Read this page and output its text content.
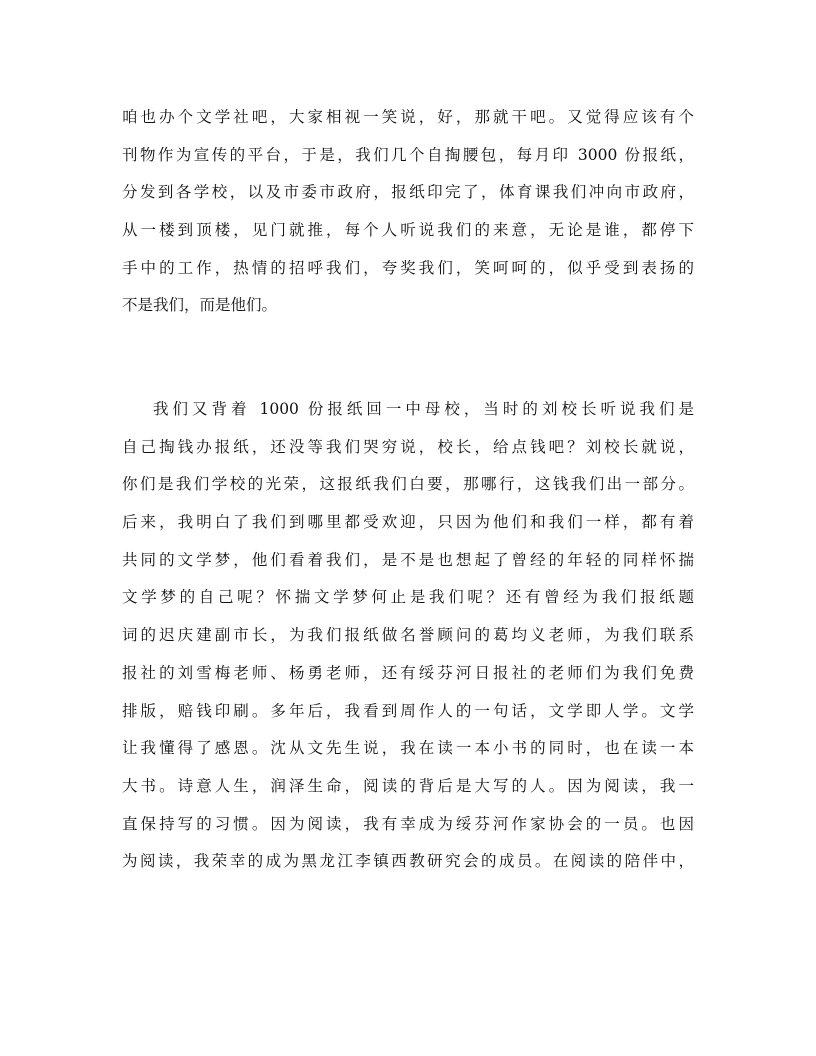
咱也办个文学社吧，大家相视一笑说，好，那就干吧。又觉得应该有个
刊物作为宣传的平台，于是，我们几个自掏腰包，每月印 3000 份报纸，
分发到各学校，以及市委市政府，报纸印完了，体育课我们冲向市政府，
从一楼到顶楼，见门就推，每个人听说我们的来意，无论是谁，都停下
手中的工作，热情的招呼我们，夸奖我们，笑呵呵的，似乎受到表扬的
不是我们，而是他们。
我们又背着 1000 份报纸回一中母校，当时的刘校长听说我们是
自己掏钱办报纸，还没等我们哭穷说，校长，给点钱吧？刘校长就说，
你们是我们学校的光荣，这报纸我们白要，那哪行，这钱我们出一部分。
后来，我明白了我们到哪里都受欢迎，只因为他们和我们一样，都有着
共同的文学梦，他们看着我们，是不是也想起了曾经的年轻的同样怀揣
文学梦的自己呢？怀揣文学梦何止是我们呢？还有曾经为我们报纸题
词的迟庆建副市长，为我们报纸做名誉顾问的葛均义老师，为我们联系
报社的刘雪梅老师、杨勇老师，还有绥芬河日报社的老师们为我们免费
排版，赔钱印刷。多年后，我看到周作人的一句话，文学即人学。文学
让我懂得了感恩。沈从文先生说，我在读一本小书的同时，也在读一本
大书。诗意人生，润泽生命，阅读的背后是大写的人。因为阅读，我一
直保持写的习惯。因为阅读，我有幸成为绥芬河作家协会的一员。也因
为阅读，我荣幸的成为黑龙江李镇西教研究会的成员。在阅读的陪伴中，
